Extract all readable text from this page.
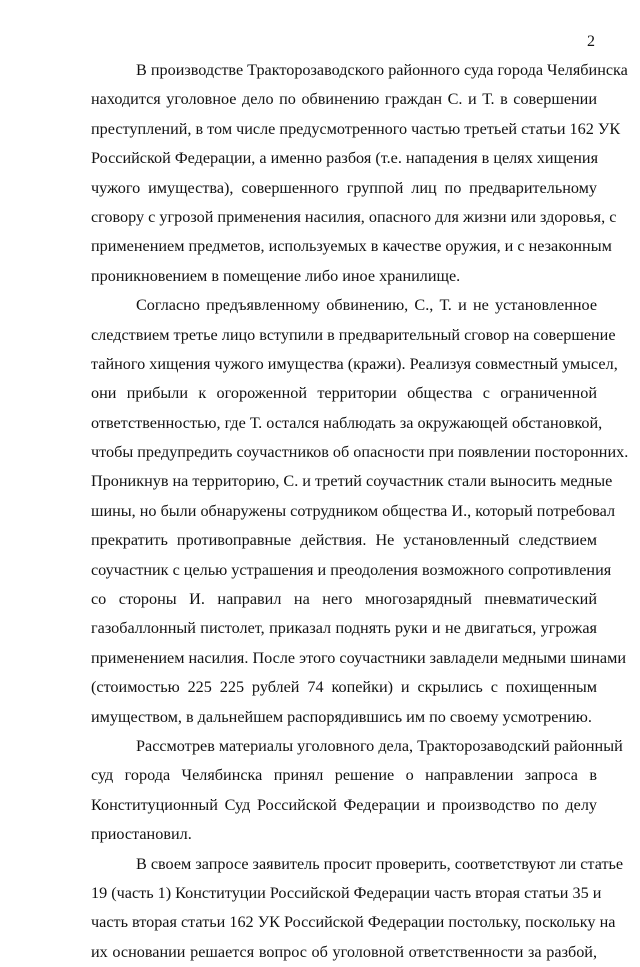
2

В производстве Тракторозаводского районного суда города Челябинска
находится уголовное дело по обвинению граждан С. и Т. в совершении
преступлений, в том числе предусмотренного частью третьей статьи 162 УК
Российской Федерации, а именно разбоя (т.е. нападения в целях хищения
чужого имущества), совершенного группой лиц по предварительному
сговору с угрозой применения насилия, опасного для жизни или здоровья, с
применением предметов, используемых в качестве оружия, и с незаконным
проникновением в помещение либо иное хранилище.

Согласно предъявленному обвинению, С., Т. и не установленное
следствием третье лицо вступили в предварительный сговор на совершение
тайного хищения чужого имущества (кражи). Реализуя совместный умысел,
они прибыли к огороженной территории общества с ограниченной
ответственностью, где Т. остался наблюдать за окружающей обстановкой,
чтобы предупредить соучастников об опасности при появлении посторонних.
Проникнув на территорию, С. и третий соучастник стали выносить медные
шины, но были обнаружены сотрудником общества И., который потребовал
прекратить противоправные действия. Не установленный следствием
соучастник с целью устрашения и преодоления возможного сопротивления
со стороны И. направил на него многозарядный пневматический
газобаллонный пистолет, приказал поднять руки и не двигаться, угрожая
применением насилия. После этого соучастники завладели медными шинами
(стоимостью 225 225 рублей 74 копейки) и скрылись с похищенным
имуществом, в дальнейшем распорядившись им по своему усмотрению.

Рассмотрев материалы уголовного дела, Тракторозаводский районный
суд города Челябинска принял решение о направлении запроса в
Конституционный Суд Российской Федерации и производство по делу
приостановил.

В своем запросе заявитель просит проверить, соответствуют ли статье
19 (часть 1) Конституции Российской Федерации часть вторая статьи 35 и
часть вторая статьи 162 УК Российской Федерации постольку, поскольку на
их основании решается вопрос об уголовной ответственности за разбой,
